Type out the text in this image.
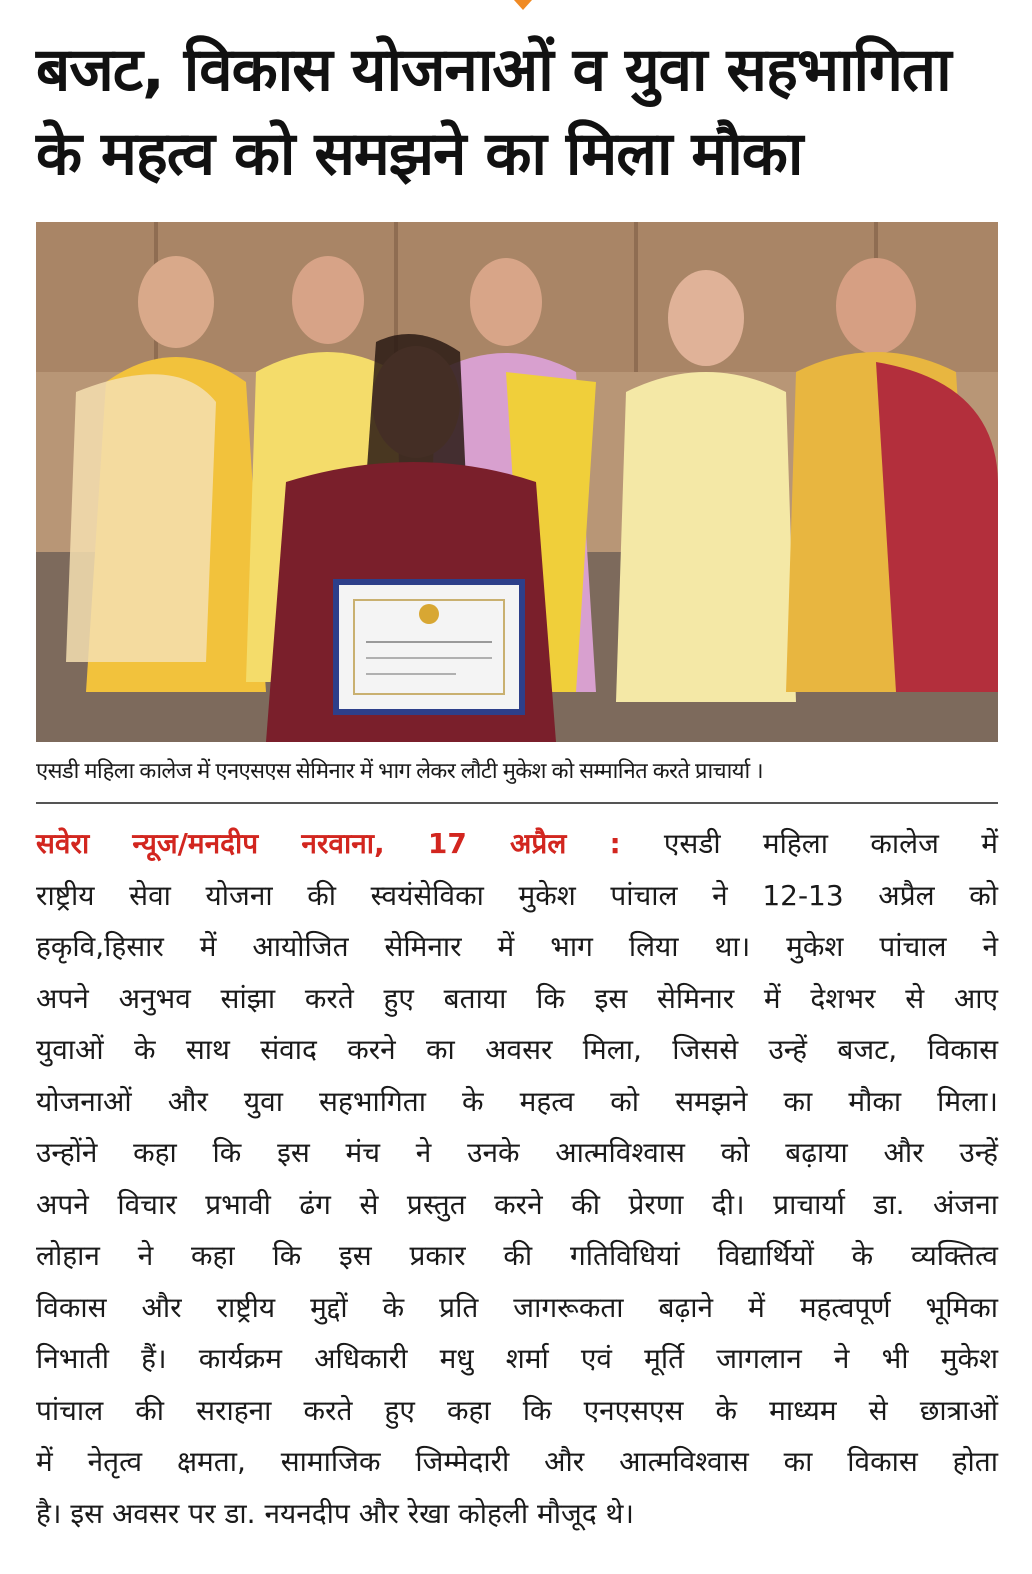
बजट, विकास योजनाओं व युवा सहभागिता
के महत्व को समझने का मिला मौका
एसडी महिला कालेज में एनएसएस सेमिनार में भाग लेकर लौटी मुकेश को सम्मानित करते प्राचार्या ।
सवेरा न्यूज/मनदीप नरवाना, 17 अप्रैल : एसडी महिला कालेज में
राष्ट्रीय सेवा योजना की स्वयंसेविका मुकेश पांचाल ने 12-13 अप्रैल को
हकृवि,हिसार में आयोजित सेमिनार में भाग लिया था। मुकेश पांचाल ने
अपने अनुभव सांझा करते हुए बताया कि इस सेमिनार में देशभर से आए
युवाओं के साथ संवाद करने का अवसर मिला, जिससे उन्हें बजट, विकास
योजनाओं और युवा सहभागिता के महत्व को समझने का मौका मिला।
उन्होंने कहा कि इस मंच ने उनके आत्मविश्वास को बढ़ाया और उन्हें
अपने विचार प्रभावी ढंग से प्रस्तुत करने की प्रेरणा दी। प्राचार्या डा. अंजना
लोहान ने कहा कि इस प्रकार की गतिविधियां विद्यार्थियों के व्यक्तित्व
विकास और राष्ट्रीय मुद्दों के प्रति जागरूकता बढ़ाने में महत्वपूर्ण भूमिका
निभाती हैं। कार्यक्रम अधिकारी मधु शर्मा एवं मूर्ति जागलान ने भी मुकेश
पांचाल की सराहना करते हुए कहा कि एनएसएस के माध्यम से छात्राओं
में नेतृत्व क्षमता, सामाजिक जिम्मेदारी और आत्मविश्वास का विकास होता
है। इस अवसर पर डा. नयनदीप और रेखा कोहली मौजूद थे।
